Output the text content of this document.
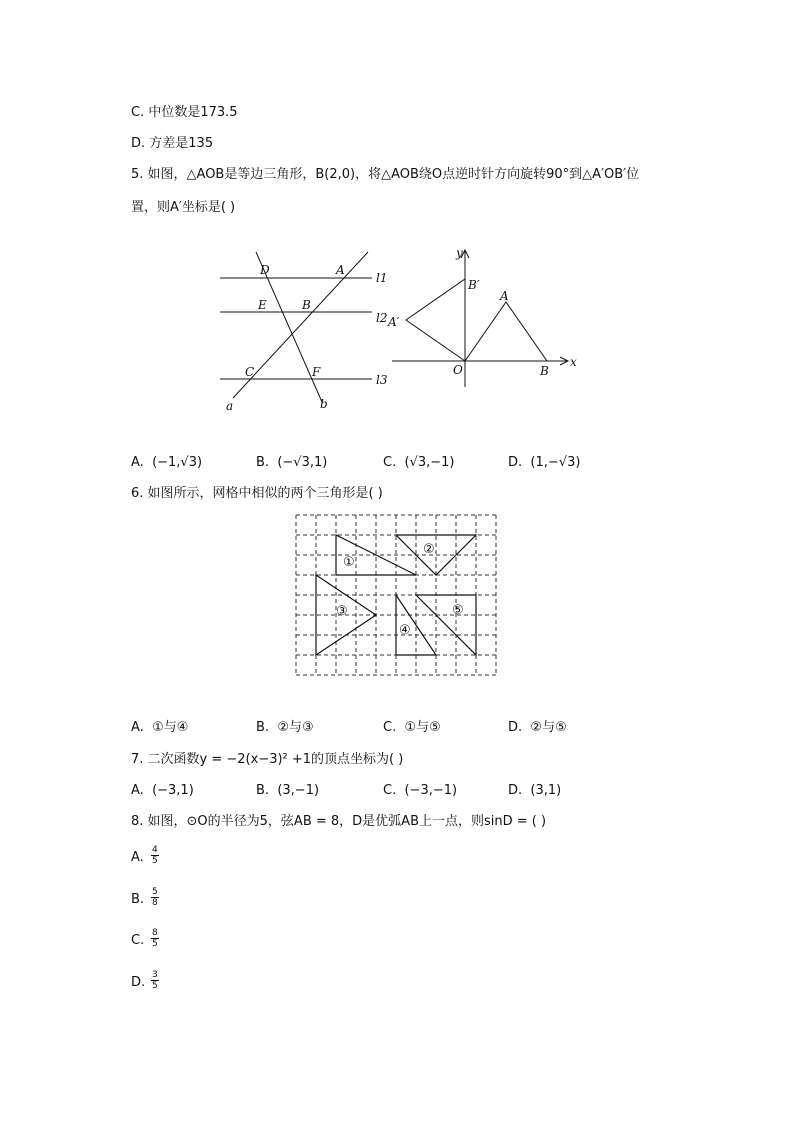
C. 中位数是173.5
D. 方差是135
5. 如图，△AOB是等边三角形，B(2,0)，将△AOB绕O点逆时针方向旋转90°到△A′OB′位
置，则A′坐标是( )
D	A
l1
E	B
l2
C	F
l3
a	b
y
B′
A
A′
O	B
x
A. (−1,√3)	B. (−√3,1)	C. (√3,−1)	D. (1,−√3)
6. 如图所示，网格中相似的两个三角形是( )
①
②
③
④
⑤
A. ①与④	B. ②与③	C. ①与⑤	D. ②与⑤
7. 二次函数y = −2(x−3)² +1的顶点坐标为( )
A. (−3,1)	B. (3,−1)	C. (−3,−1)	D. (3,1)
8. 如图，⊙O的半径为5，弦AB = 8，D是优弧AB上一点，则sinD = ( )
A. $\frac{4}{5}$
B. $\frac{5}{8}$
C. $\frac{8}{5}$
D. $\frac{3}{5}$
